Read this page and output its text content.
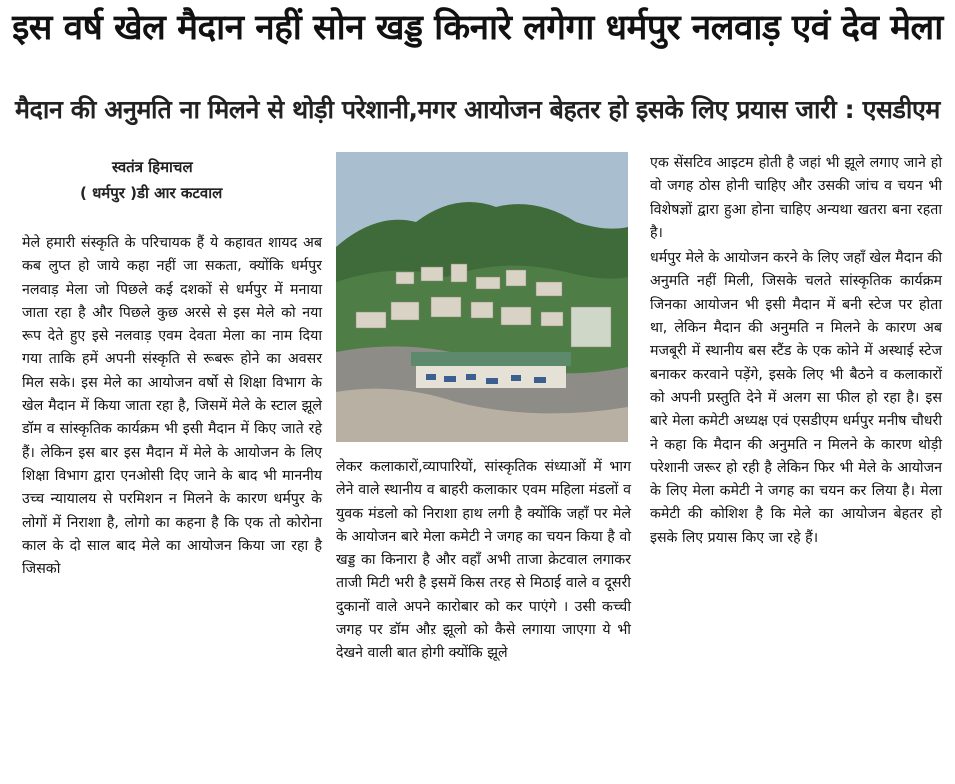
इस वर्ष खेल मैदान नहीं सोन खड्ड किनारे लगेगा धर्मपुर नलवाड़ एवं देव मेला
मैदान की अनुमति ना मिलने से थोड़ी परेशानी,मगर आयोजन बेहतर हो इसके लिए प्रयास जारी : एसडीएम
स्वतंत्र हिमाचल
( धर्मपुर )डी आर कटवाल

मेले हमारी संस्कृति के परिचायक हैं ये कहावत शायद अब कब लुप्त हो जाये कहा नहीं जा सकता, क्योंकि धर्मपुर नलवाड़ मेला जो पिछले कई दशकों से धर्मपुर में मनाया जाता रहा है और पिछले कुछ अरसे से इस मेले को नया रूप देते हुए इसे नलवाड़ एवम देवता मेला का नाम दिया गया ताकि हमें अपनी संस्कृति से रूबरू होने का अवसर मिल सके। इस मेले का आयोजन वर्षो से शिक्षा विभाग के खेल मैदान में किया जाता रहा है, जिसमें मेले के स्टाल झूले डॉम व सांस्कृतिक कार्यक्रम भी इसी मैदान में किए जाते रहे हैं। लेकिन इस बार इस मैदान में मेले के आयोजन के लिए शिक्षा विभाग द्वारा एनओसी दिए जाने के बाद भी माननीय उच्च न्यायालय से परमिशन न मिलने के कारण धर्मपुर के लोगों में निराशा है, लोगो का कहना है कि एक तो कोरोना काल के दो साल बाद मेले का आयोजन किया जा रहा है जिसको

लेकर कलाकारों,व्यापारियों, सांस्कृतिक संध्याओं में भाग लेने वाले स्थानीय व बाहरी कलाकार एवम महिला मंडलों व युवक मंडलो को निराशा हाथ लगी है क्योंकि जहाँ पर मेले के आयोजन बारे मेला कमेटी ने जगह का चयन किया है वो खड्ड का किनारा है और वहाँ अभी ताजा क्रेटवाल लगाकर ताजी मिटी भरी है इसमें किस तरह से मिठाई वाले व दूसरी दुकानों वाले अपने कारोबार को कर पाएंगे । उसी कच्ची जगह पर डॉम औऱ झूलो को कैसे लगाया जाएगा ये भी देखने वाली बात होगी क्योंकि झूले

एक सेंसटिव आइटम होती है जहां भी झूले लगाए जाने हो वो जगह ठोस होनी चाहिए और उसकी जांच व चयन भी विशेषज्ञों द्वारा हुआ होना चाहिए अन्यथा खतरा बना रहता है।

धर्मपुर मेले के आयोजन करने के लिए जहाँ खेल मैदान की अनुमति नहीं मिली, जिसके चलते सांस्कृतिक कार्यक्रम जिनका आयोजन भी इसी मैदान में बनी स्टेज पर होता था, लेकिन मैदान की अनुमति न मिलने के कारण अब मजबूरी में स्थानीय बस स्टैंड के एक कोने में अस्थाई स्टेज बनाकर करवाने पड़ेंगे, इसके लिए भी बैठने व कलाकारों को अपनी प्रस्तुति देने में अलग सा फील हो रहा है। इस बारे मेला कमेटी अध्यक्ष एवं एसडीएम धर्मपुर मनीष चौधरी ने कहा कि मैदान की अनुमति न मिलने के कारण थोड़ी परेशानी जरूर हो रही है लेकिन फिर भी मेले के आयोजन के लिए मेला कमेटी ने जगह का चयन कर लिया है। मेला कमेटी की कोशिश है कि मेले का आयोजन बेहतर हो इसके लिए प्रयास किए जा रहे हैं।
